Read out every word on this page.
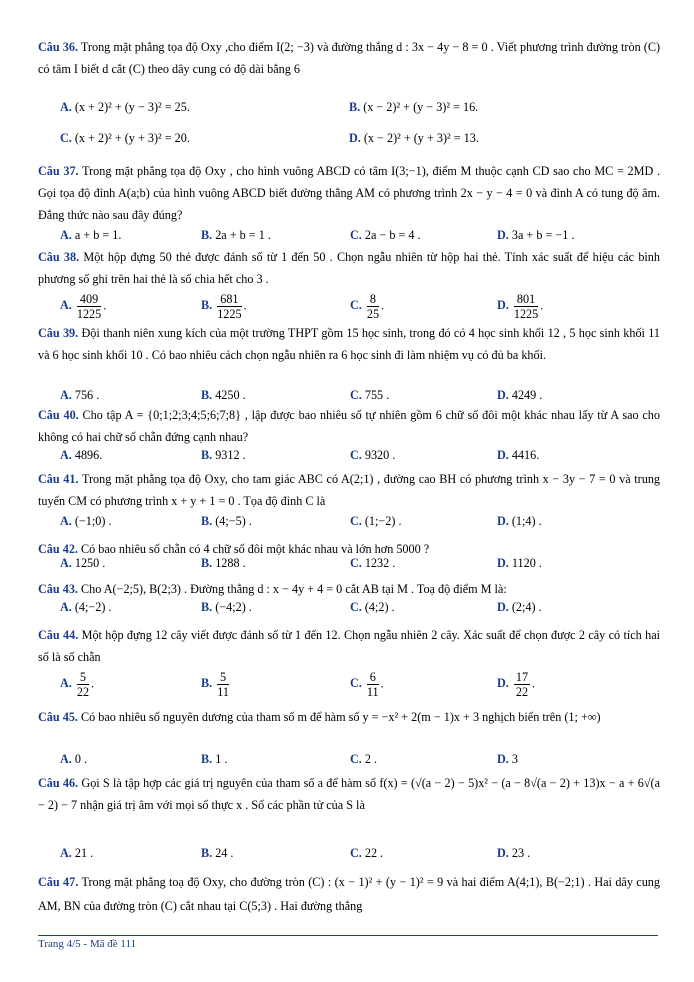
Câu 36. Trong mặt phẳng tọa độ Oxy ,cho điểm I(2; −3) và đường thẳng d : 3x − 4y − 8 = 0 . Viết phương trình đường tròn (C) có tâm I biết d cắt (C) theo dây cung có độ dài bằng 6
A. (x + 2)² + (y − 3)² = 25.	B. (x − 2)² + (y − 3)² = 16.
C. (x + 2)² + (y + 3)² = 20.	D. (x − 2)² + (y + 3)² = 13.
Câu 37. Trong mặt phẳng tọa độ Oxy , cho hình vuông ABCD có tâm I(3;−1), điểm M thuộc cạnh CD sao cho MC = 2MD . Gọi tọa độ đỉnh A(a;b) của hình vuông ABCD biết đường thẳng AM có phương trình 2x − y − 4 = 0 và đỉnh A có tung độ âm. Đẳng thức nào sau đây đúng?
A. a + b = 1.	B. 2a + b = 1 .	C. 2a − b = 4 .	D. 3a + b = −1 .
Câu 38. Một hộp đựng 50 thẻ được đánh số từ 1 đến 50 . Chọn ngẫu nhiên từ hộp hai thẻ. Tính xác suất để hiệu các bình phương số ghi trên hai thẻ là số chia hết cho 3 .
A. $\frac{409}{1225}$ .	B. $\frac{681}{1225}$ .	C. $\frac{8}{25}$ .	D. $\frac{801}{1225}$ .
Câu 39. Đội thanh niên xung kích của một trường THPT gồm 15 học sinh, trong đó có 4 học sinh khối 12 , 5 học sinh khối 11 và 6 học sinh khối 10 . Có bao nhiêu cách chọn ngẫu nhiên ra 6 học sinh đi làm nhiệm vụ có đủ ba khối.
A. 756 .	B. 4250 .	C. 755 .	D. 4249 .
Câu 40. Cho tập A = {0;1;2;3;4;5;6;7;8} , lập được bao nhiêu số tự nhiên gồm 6 chữ số đôi một khác nhau lấy từ A sao cho không có hai chữ số chẵn đứng cạnh nhau?
A. 4896.	B. 9312 .	C. 9320 .	D. 4416.
Câu 41. Trong mặt phẳng tọa độ Oxy, cho tam giác ABC có A(2;1) , đường cao BH có phương trình x − 3y − 7 = 0 và trung tuyến CM có phương trình x + y + 1 = 0 . Tọa độ đỉnh C là
A. (−1;0) .	B. (4;−5) .	C. (1;−2) .	D. (1;4) .
Câu 42. Có bao nhiêu số chẵn có 4 chữ số đôi một khác nhau và lớn hơn 5000 ?
A. 1250 .	B. 1288 .	C. 1232 .	D. 1120 .
Câu 43. Cho A(−2;5), B(2;3) . Đường thẳng d : x − 4y + 4 = 0 cắt AB tại M . Toạ độ điểm M là:
A. (4;−2) .	B. (−4;2) .	C. (4;2) .	D. (2;4) .
Câu 44. Một hộp đựng 12 cây viết được đánh số từ 1 đến 12. Chọn ngẫu nhiên 2 cây. Xác suất để chọn được 2 cây có tích hai số là số chẵn
A. $\frac{5}{22}$ .	B. $\frac{5}{11}$	C. $\frac{6}{11}$ .	D. $\frac{17}{22}$ .
Câu 45. Có bao nhiêu số nguyên dương của tham số m để hàm số y = −x² + 2(m − 1)x + 3 nghịch biến trên (1; +∞)
A. 0 .	B. 1 .	C. 2 .	D. 3
Câu 46. Gọi S là tập hợp các giá trị nguyên của tham số a để hàm số f(x) = (√(a − 2) − 5)x² − (a − 8√(a − 2) + 13)x − a + 6√(a − 2) − 7 nhận giá trị âm với mọi số thực x . Số các phần tử của S là
A. 21 .	B. 24 .	C. 22 .	D. 23 .
Câu 47. Trong mặt phẳng toạ độ Oxy, cho đường tròn (C) : (x − 1)² + (y − 1)² = 9 và hai điểm A(4;1), B(−2;1) . Hai dây cung AM, BN của đường tròn (C) cắt nhau tại C(5;3) . Hai đường thẳng
Trang 4/5 - Mã đề 111
